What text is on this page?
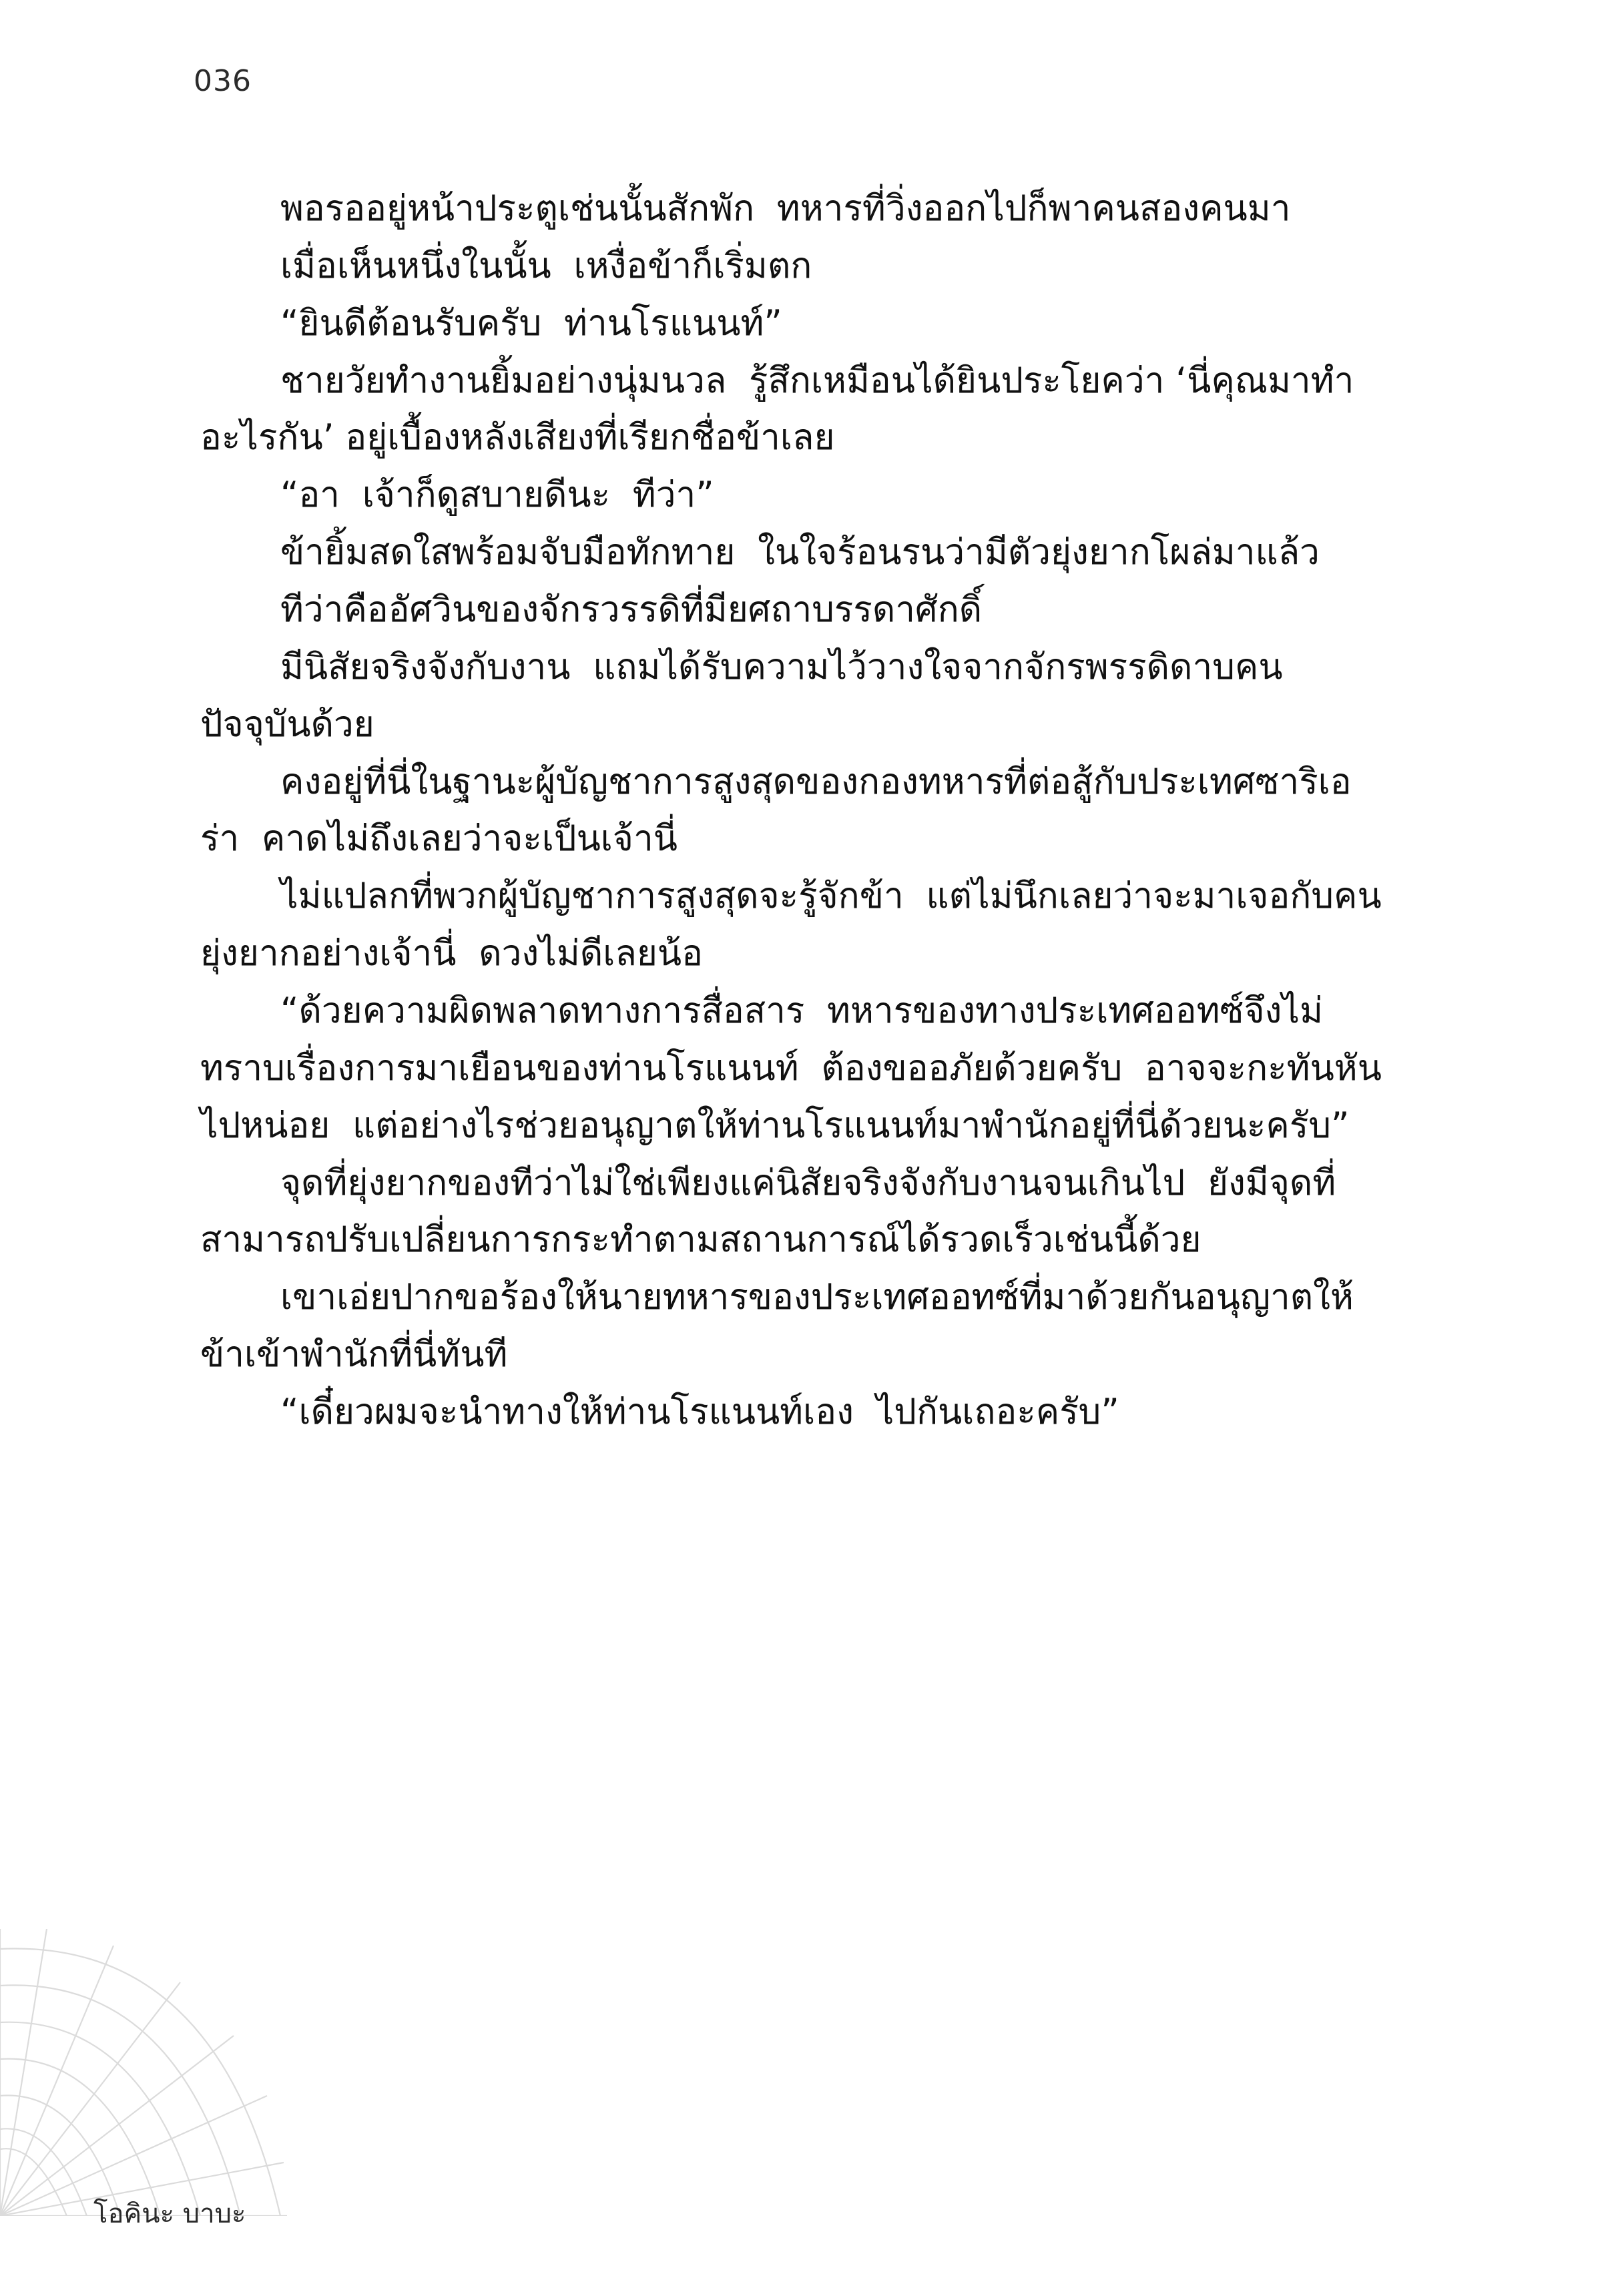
036

พอรออยู่หน้าประตูเช่นนั้นสักพัก  ทหารที่วิ่งออกไปก็พาคนสองคนมา

เมื่อเห็นหนึ่งในนั้น  เหงื่อข้าก็เริ่มตก

“ยินดีต้อนรับครับ  ท่านโรแนนท์”

ชายวัยทำงานยิ้มอย่างนุ่มนวล  รู้สึกเหมือนได้ยินประโยคว่า ‘นี่คุณมาทำอะไรกัน’ อยู่เบื้องหลังเสียงที่เรียกชื่อข้าเลย

“อา  เจ้าก็ดูสบายดีนะ  ทีว่า”

ข้ายิ้มสดใสพร้อมจับมือทักทาย  ในใจร้อนรนว่ามีตัวยุ่งยากโผล่มาแล้ว

ทีว่าคืออัศวินของจักรวรรดิที่มียศถาบรรดาศักดิ์

มีนิสัยจริงจังกับงาน  แถมได้รับความไว้วางใจจากจักรพรรดิดาบคนปัจจุบันด้วย

คงอยู่ที่นี่ในฐานะผู้บัญชาการสูงสุดของกองทหารที่ต่อสู้กับประเทศซาริเอร่า  คาดไม่ถึงเลยว่าจะเป็นเจ้านี่

ไม่แปลกที่พวกผู้บัญชาการสูงสุดจะรู้จักข้า  แต่ไม่นึกเลยว่าจะมาเจอกับคนยุ่งยากอย่างเจ้านี่  ดวงไม่ดีเลยน้อ

“ด้วยความผิดพลาดทางการสื่อสาร  ทหารของทางประเทศออทซ์จึงไม่ทราบเรื่องการมาเยือนของท่านโรแนนท์  ต้องขออภัยด้วยครับ  อาจจะกะทันหันไปหน่อย  แต่อย่างไรช่วยอนุญาตให้ท่านโรแนนท์มาพำนักอยู่ที่นี่ด้วยนะครับ”

จุดที่ยุ่งยากของทีว่าไม่ใช่เพียงแค่นิสัยจริงจังกับงานจนเกินไป  ยังมีจุดที่สามารถปรับเปลี่ยนการกระทำตามสถานการณ์ได้รวดเร็วเช่นนี้ด้วย

เขาเอ่ยปากขอร้องให้นายทหารของประเทศออทซ์ที่มาด้วยกันอนุญาตให้ข้าเข้าพำนักที่นี่ทันที

“เดี๋ยวผมจะนำทางให้ท่านโรแนนท์เอง  ไปกันเถอะครับ”

โอคินะ บาบะ
